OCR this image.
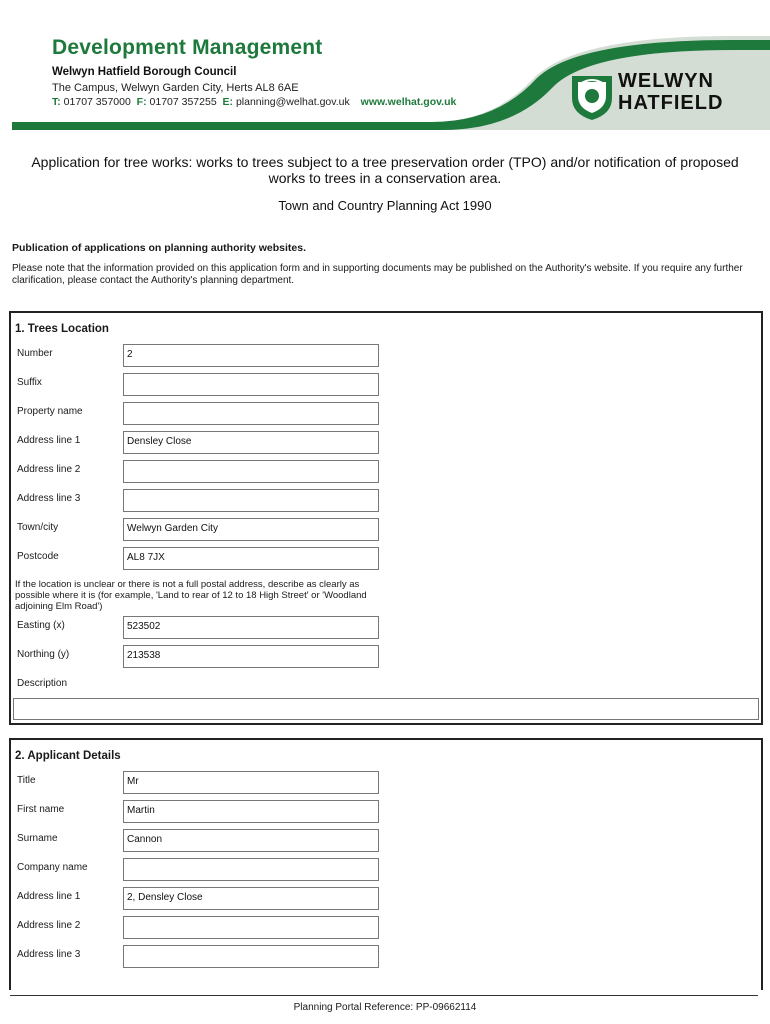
Development Management
Welwyn Hatfield Borough Council
The Campus, Welwyn Garden City, Herts AL8 6AE
T: 01707 357000 F: 01707 357255 E: planning@welhat.gov.uk www.welhat.gov.uk
WELWYN
HATFIELD
Application for tree works: works to trees subject to a tree preservation order (TPO) and/or notification of proposed works to trees in a conservation area.
Town and Country Planning Act 1990
Publication of applications on planning authority websites.
Please note that the information provided on this application form and in supporting documents may be published on the Authority's website. If you require any further clarification, please contact the Authority's planning department.
1. Trees Location
Number	2
Suffix
Property name
Address line 1	Densley Close
Address line 2
Address line 3
Town/city	Welwyn Garden City
Postcode	AL8 7JX
If the location is unclear or there is not a full postal address, describe as clearly as possible where it is (for example, 'Land to rear of 12 to 18 High Street' or 'Woodland adjoining Elm Road')
Easting (x)	523502
Northing (y)	213538
Description
2. Applicant Details
Title	Mr
First name	Martin
Surname	Cannon
Company name
Address line 1	2, Densley Close
Address line 2
Address line 3
Planning Portal Reference: PP-09662114
